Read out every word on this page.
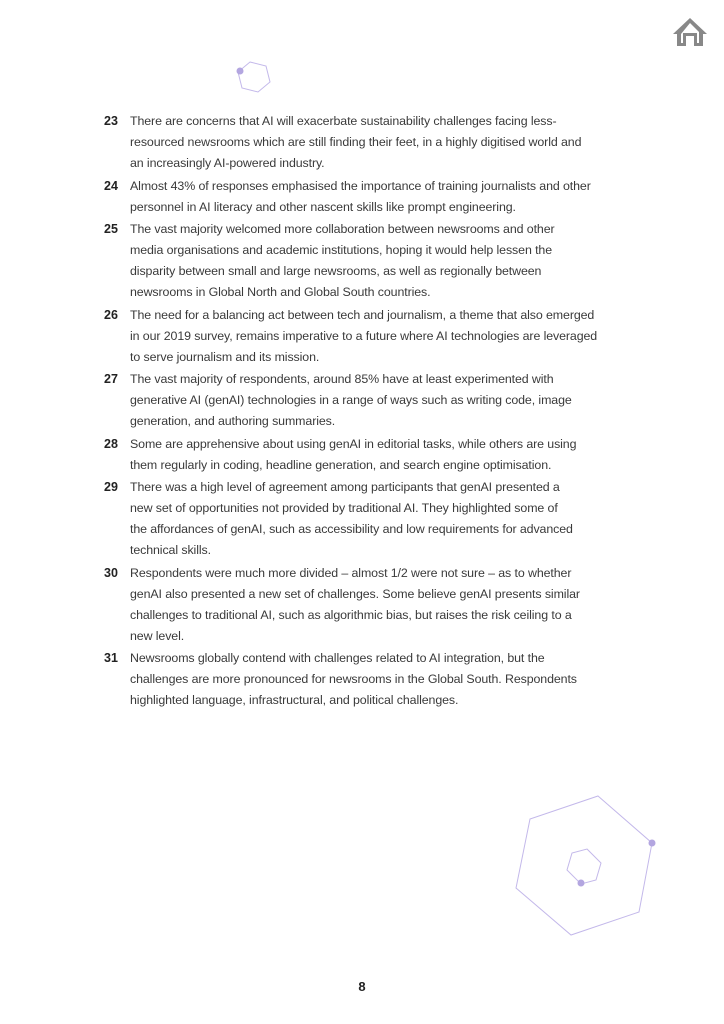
23 There are concerns that AI will exacerbate sustainability challenges facing less-
resourced newsrooms which are still finding their feet, in a highly digitised world and
an increasingly AI-powered industry.
24 Almost 43% of responses emphasised the importance of training journalists and other
personnel in AI literacy and other nascent skills like prompt engineering.
25 The vast majority welcomed more collaboration between newsrooms and other
media organisations and academic institutions, hoping it would help lessen the
disparity between small and large newsrooms, as well as regionally between
newsrooms in Global North and Global South countries.
26 The need for a balancing act between tech and journalism, a theme that also emerged
in our 2019 survey, remains imperative to a future where AI technologies are leveraged
to serve journalism and its mission.
27 The vast majority of respondents, around 85% have at least experimented with
generative AI (genAI) technologies in a range of ways such as writing code, image
generation, and authoring summaries.
28 Some are apprehensive about using genAI in editorial tasks, while others are using
them regularly in coding, headline generation, and search engine optimisation.
29 There was a high level of agreement among participants that genAI presented a
new set of opportunities not provided by traditional AI. They highlighted some of
the affordances of genAI, such as accessibility and low requirements for advanced
technical skills.
30 Respondents were much more divided – almost 1/2 were not sure – as to whether
genAI also presented a new set of challenges. Some believe genAI presents similar
challenges to traditional AI, such as algorithmic bias, but raises the risk ceiling to a
new level.
31 Newsrooms globally contend with challenges related to AI integration, but the
challenges are more pronounced for newsrooms in the Global South. Respondents
highlighted language, infrastructural, and political challenges.
8
